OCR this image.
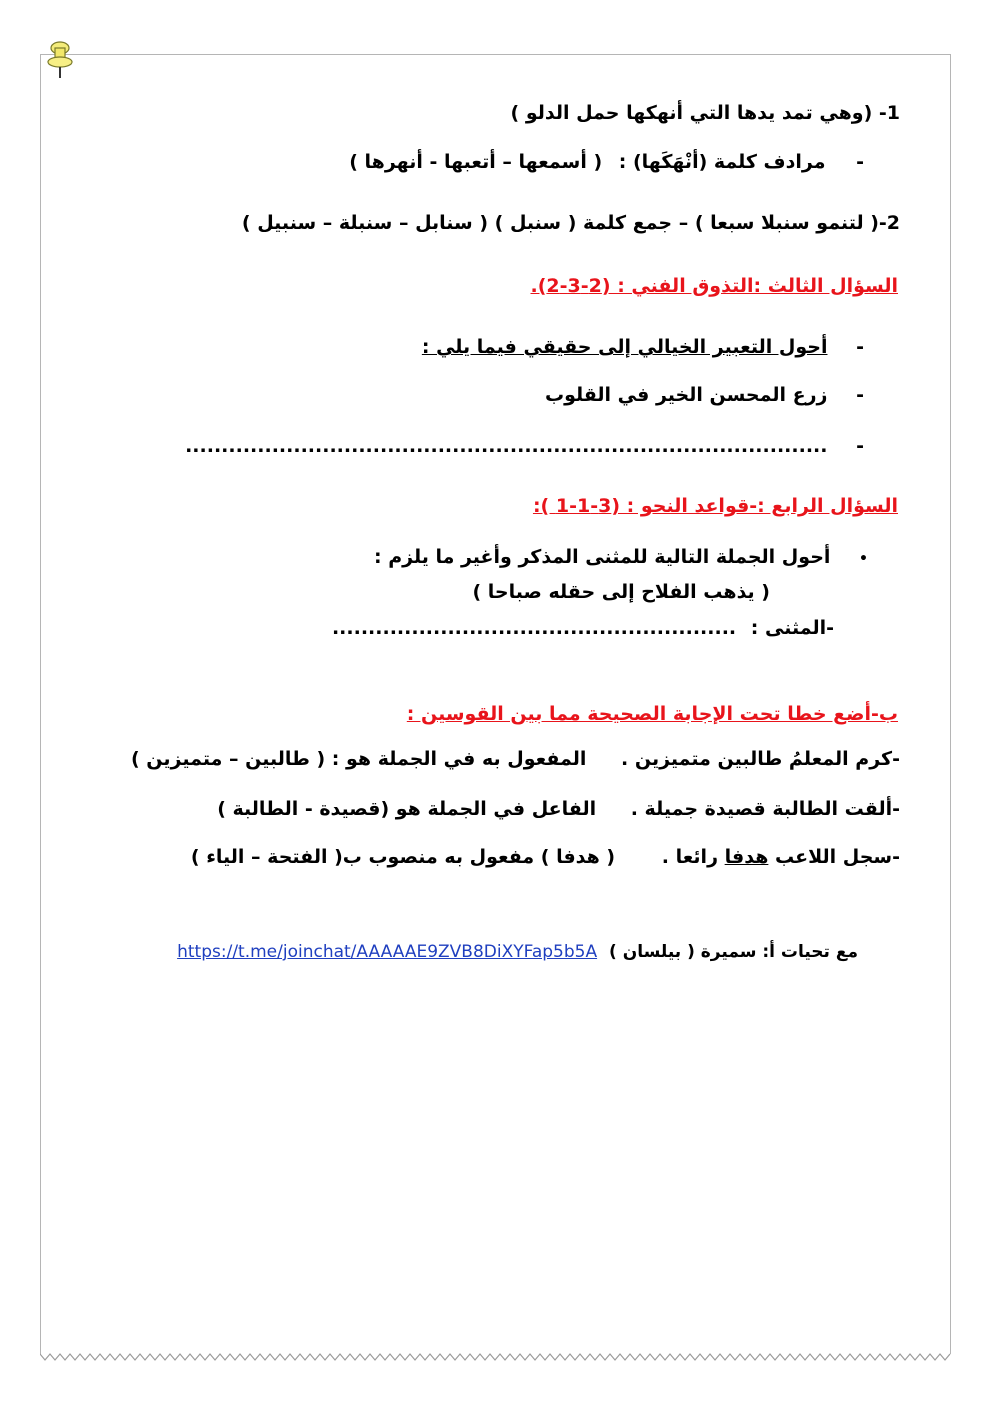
1- (وهي تمد يدها التي أنهكها حمل الدلو )
- مرادف كلمة (أنْهَكَها) : ( أسمعها – أتعبها - أنهرها )
2-( لتنمو سنبلا سبعا ) – جمع كلمة ( سنبل ) ( سنابل – سنبلة – سنبيل )
السؤال الثالث :التذوق الفني : (2-3-2).
- أحول التعبير الخيالي إلى حقيقي فيما يلي :
- زرع المحسن الخير في القلوب
- .........................................................................................
السؤال الرابع :-قواعد النحو : (3-1-1 ):
• أحول الجملة التالية للمثنى المذكر وأغير ما يلزم :
( يذهب الفلاح إلى حقله صباحا )
-المثنى : ........................................................
ب-أضع خطا تحت الإجابة الصحيحة مما بين القوسين :
-كرم المعلمُ طالبين متميزين . المفعول به في الجملة هو : ( طالبين – متميزين )
-ألقت الطالبة قصيدة جميلة . الفاعل في الجملة هو (قصيدة - الطالبة )
-سجل اللاعب هدفا رائعا . ( هدفا ) مفعول به منصوب ب( الفتحة – الياء )
مع تحيات أ: سميرة ( بيلسان ) https://t.me/joinchat/AAAAAE9ZVB8DiXYFap5b5A
